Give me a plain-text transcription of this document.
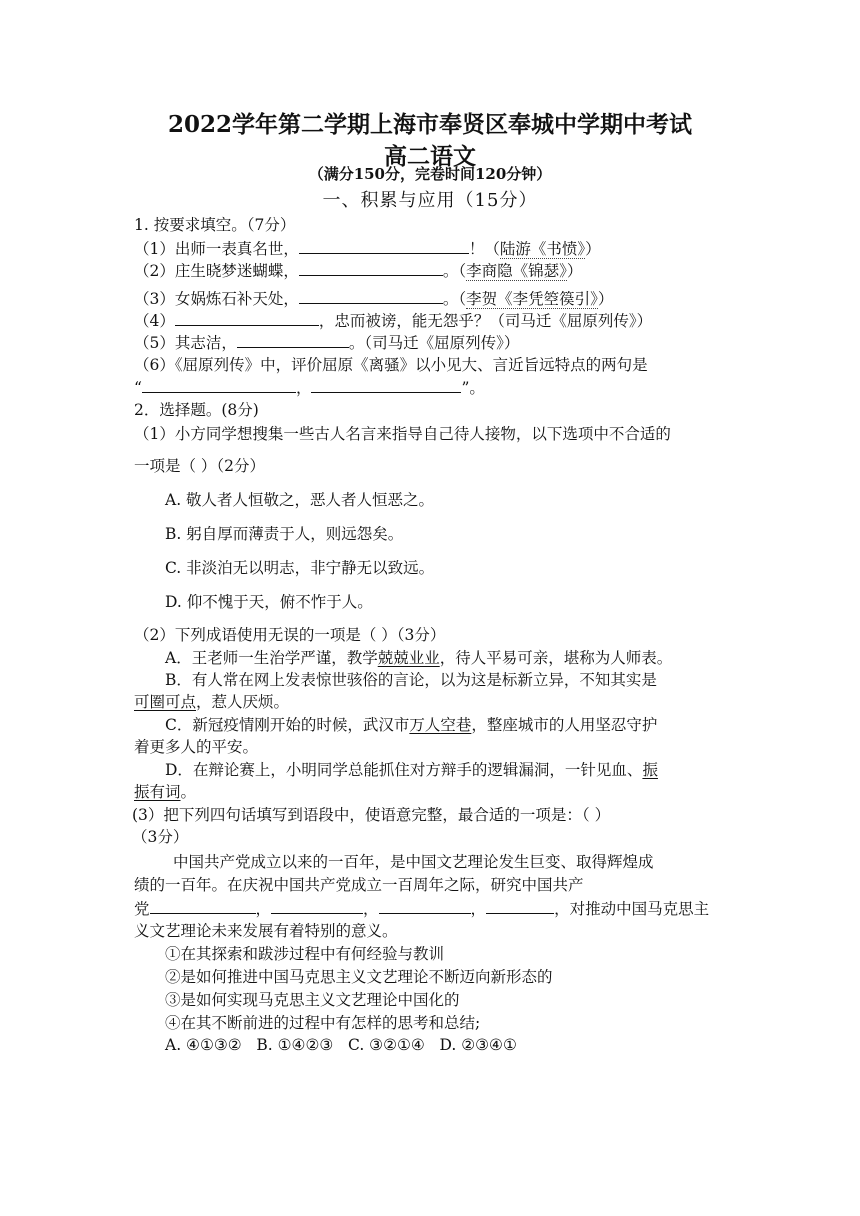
2022学年第二学期上海市奉贤区奉城中学期中考试
高二语文
（满分150分，完卷时间120分钟）
一、积累与应用（15分）
1. 按要求填空。（7分）
（1）出师一表真名世，	！（陆游《书愤》）
（2）庄生晓梦迷蝴蝶，	。（李商隐《锦瑟》）
（3）女娲炼石补天处，	。（李贺《李凭箜篌引》）
（4）	，忠而被谤，能无怨乎？（司马迁《屈原列传》）
（5）其志洁，	。（司马迁《屈原列传》）
（6）《屈原列传》中，评价屈原《离骚》以小见大、言近旨远特点的两句是
“	，	”。
2．选择题。(8分)
（1）小方同学想搜集一些古人名言来指导自己待人接物，以下选项中不合适的
一项是（ ）（2分）
A. 敬人者人恒敬之，恶人者人恒恶之。
B. 躬自厚而薄责于人，则远怨矣。
C. 非淡泊无以明志，非宁静无以致远。
D. 仰不愧于天，俯不怍于人。
（2）下列成语使用无误的一项是（ ）（3分）
A．王老师一生治学严谨，教学兢兢业业，待人平易可亲，堪称为人师表。
B．有人常在网上发表惊世骇俗的言论，以为这是标新立异，不知其实是
可圈可点，惹人厌烦。
C．新冠疫情刚开始的时候，武汉市万人空巷，整座城市的人用坚忍守护
着更多人的平安。
D．在辩论赛上，小明同学总能抓住对方辩手的逻辑漏洞，一针见血、振
振有词。
(3）把下列四句话填写到语段中，使语意完整，最合适的一项是：（ ）
（3分）
中国共产党成立以来的一百年，是中国文艺理论发生巨变、取得辉煌成
绩的一百年。在庆祝中国共产党成立一百周年之际，研究中国共产
党	，	，	，	，对推动中国马克思主
义文艺理论未来发展有着特别的意义。
①在其探索和跋涉过程中有何经验与教训
②是如何推进中国马克思主义文艺理论不断迈向新形态的
③是如何实现马克思主义文艺理论中国化的
④在其不断前进的过程中有怎样的思考和总结;
A. ④①③②   B. ①④②③   C. ③②①④   D. ②③④①
